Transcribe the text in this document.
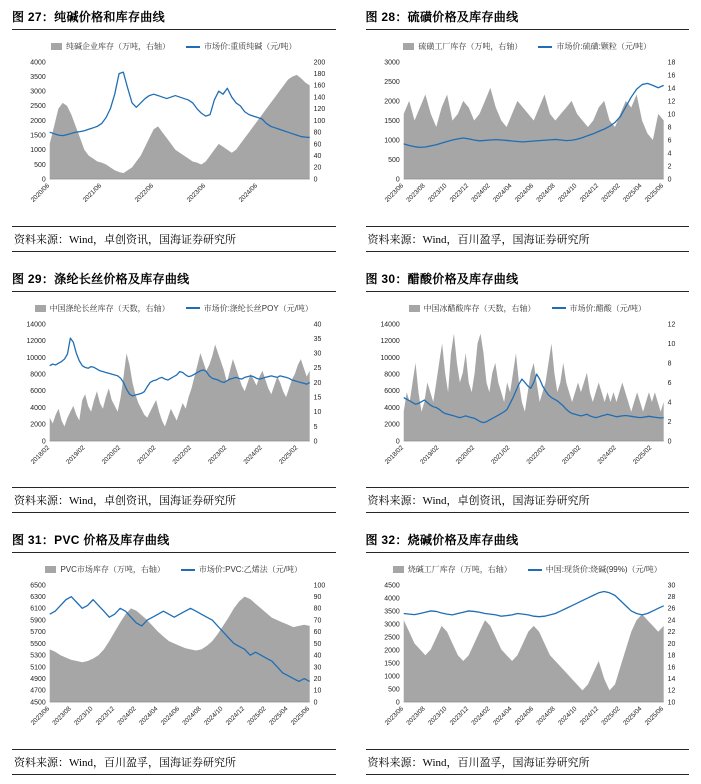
图 27：纯碱价格和库存曲线
纯碱企业库存（万吨，右轴）	市场价:重质纯碱（元/吨）
0
500
1000
1500
2000
2500
3000
3500
4000
0
20
40
60
80
100
120
140
160
180
200
2020/06	2021/06	2022/06	2023/06	2024/06
资料来源：Wind，卓创资讯，国海证券研究所
图 28：硫磺价格及库存曲线
硫磺工厂库存（万吨，右轴）	市场价:硫磺:颗粒（元/吨）
0
500
1000
1500
2000
2500
3000
0
2
4
6
8
10
12
14
16
18
2023/06 2023/08 2023/10 2023/12 2024/02 2024/04 2024/06 2024/08 2024/10 2024/12 2025/02 2025/04 2025/06
资料来源：Wind，百川盈孚，国海证券研究所
图 29：涤纶长丝价格及库存曲线
中国涤纶长丝库存（天数，右轴）	市场价:涤纶长丝POY（元/吨）
0
2000
4000
6000
8000
10000
12000
14000
0
5
10
15
20
25
30
35
40
2018/02 2019/02 2020/02 2021/02 2022/02 2023/02 2024/02 2025/02
资料来源：Wind，卓创资讯，国海证券研究所
图 30：醋酸价格及库存曲线
中国冰醋酸库存（天数，右轴）	市场价:醋酸（元/吨）
0
2000
4000
6000
8000
10000
12000
14000
0
2
4
6
8
10
12
2018/02 2019/02 2020/02 2021/02 2022/02 2023/02 2024/02 2025/02
资料来源：Wind，卓创资讯，国海证券研究所
图 31：PVC 价格及库存曲线
PVC市场库存（万吨，右轴）	市场价:PVC:乙烯法（元/吨）
4500
4700
4900
5100
5300
5500
5700
5900
6100
6300
6500
0
10
20
30
40
50
60
70
80
90
100
2023/06 2023/08 2023/10 2023/12 2024/02 2024/04 2024/06 2024/08 2024/10 2024/12 2025/02 2025/04 2025/06
资料来源：Wind，百川盈孚，国海证券研究所
图 32：烧碱价格及库存曲线
烧碱工厂库存（万吨，右轴）	中国:现货价:烧碱(99%)（元/吨）
0
500
1000
1500
2000
2500
3000
3500
4000
4500
10
12
14
16
18
20
22
24
26
28
30
2023/06 2023/08 2023/10 2023/12 2024/02 2024/04 2024/06 2024/08 2024/10 2024/12 2025/02 2025/04 2025/06
资料来源：Wind，百川盈孚，国海证券研究所
